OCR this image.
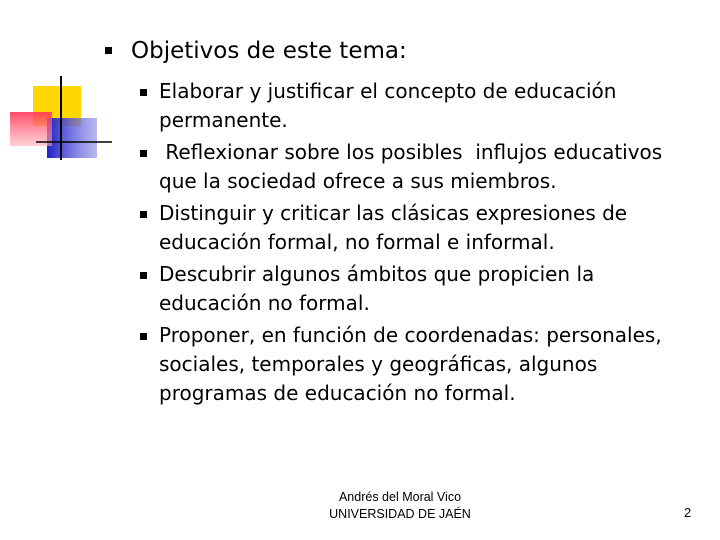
Objetivos de este tema:
Elaborar y justificar el concepto de educación
permanente.
Reflexionar sobre los posibles  influjos educativos
que la sociedad ofrece a sus miembros.
Distinguir y criticar las clásicas expresiones de
educación formal, no formal e informal.
Descubrir algunos ámbitos que propicien la
educación no formal.
Proponer, en función de coordenadas: personales,
sociales, temporales y geográficas, algunos
programas de educación no formal.
Andrés del Moral Vico
UNIVERSIDAD DE JAÉN	2
